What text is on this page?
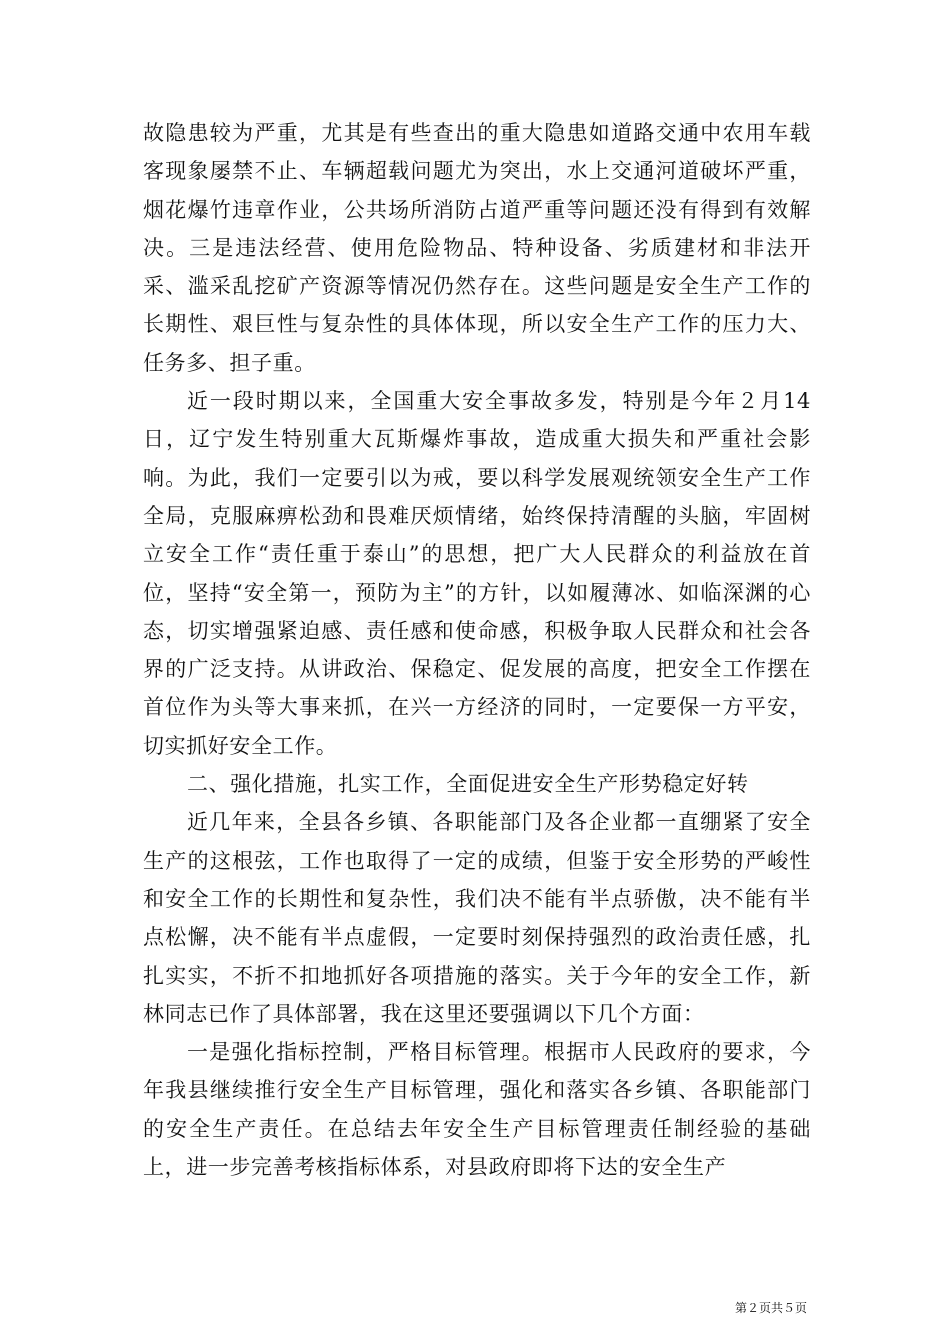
故隐患较为严重，尤其是有些查出的重大隐患如道路交通中农用车载客现象屡禁不止、车辆超载问题尤为突出，水上交通河道破坏严重，烟花爆竹违章作业，公共场所消防占道严重等问题还没有得到有效解决。三是违法经营、使用危险物品、特种设备、劣质建材和非法开采、滥采乱挖矿产资源等情况仍然存在。这些问题是安全生产工作的长期性、艰巨性与复杂性的具体体现，所以安全生产工作的压力大、任务多、担子重。

近一段时期以来，全国重大安全事故多发，特别是今年２月14日，辽宁发生特别重大瓦斯爆炸事故，造成重大损失和严重社会影响。为此，我们一定要引以为戒，要以科学发展观统领安全生产工作全局，克服麻痹松劲和畏难厌烦情绪，始终保持清醒的头脑，牢固树立安全工作“责任重于泰山”的思想，把广大人民群众的利益放在首位，坚持“安全第一，预防为主”的方针，以如履薄冰、如临深渊的心态，切实增强紧迫感、责任感和使命感，积极争取人民群众和社会各界的广泛支持。从讲政治、保稳定、促发展的高度，把安全工作摆在首位作为头等大事来抓，在兴一方经济的同时，一定要保一方平安，切实抓好安全工作。

二、强化措施，扎实工作，全面促进安全生产形势稳定好转

近几年来，全县各乡镇、各职能部门及各企业都一直绷紧了安全生产的这根弦，工作也取得了一定的成绩，但鉴于安全形势的严峻性和安全工作的长期性和复杂性，我们决不能有半点骄傲，决不能有半点松懈，决不能有半点虚假，一定要时刻保持强烈的政治责任感，扎扎实实，不折不扣地抓好各项措施的落实。关于今年的安全工作，新林同志已作了具体部署，我在这里还要强调以下几个方面：

一是强化指标控制，严格目标管理。根据市人民政府的要求，今年我县继续推行安全生产目标管理，强化和落实各乡镇、各职能部门的安全生产责任。在总结去年安全生产目标管理责任制经验的基础上，进一步完善考核指标体系，对县政府即将下达的安全生产

第２页共５页
